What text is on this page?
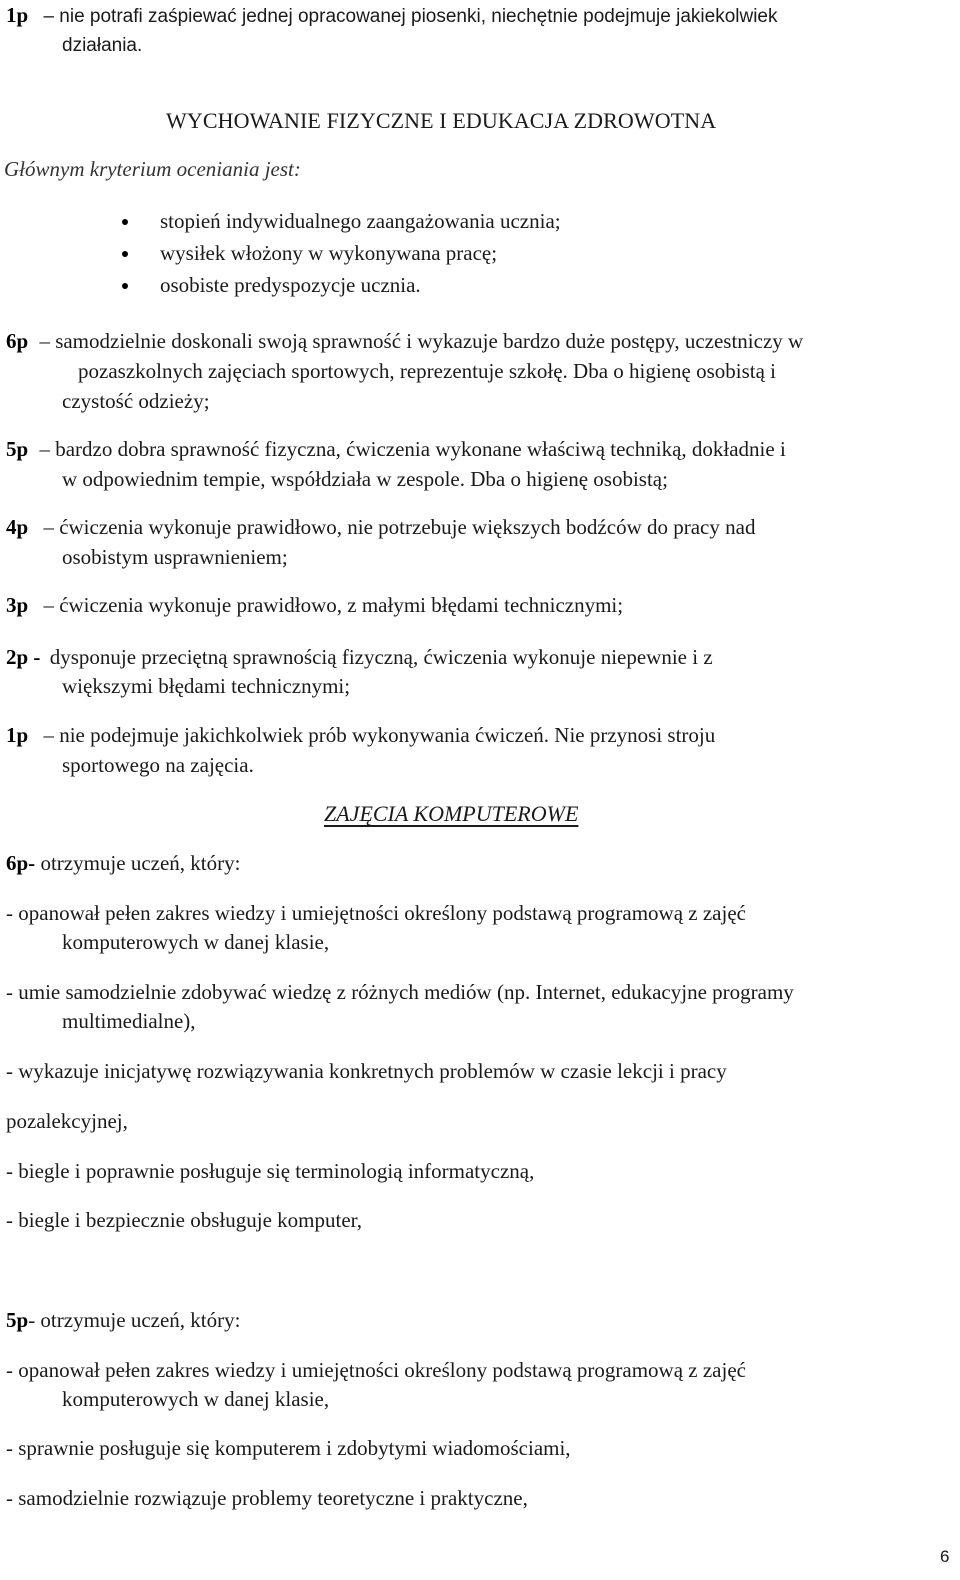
1p – nie potrafi zaśpiewać jednej opracowanej piosenki, niechętnie podejmuje jakiekolwiek
działania.
WYCHOWANIE FIZYCZNE I EDUKACJA ZDROWOTNA
Głównym kryterium oceniania jest:
stopień indywidualnego zaangażowania ucznia;
wysiłek włożony w wykonywana pracę;
osobiste predyspozycje ucznia.
6p – samodzielnie doskonali swoją sprawność i wykazuje bardzo duże postępy, uczestniczy w
pozaszkolnych zajęciach sportowych, reprezentuje szkołę. Dba o higienę osobistą i
czystość odzieży;
5p – bardzo dobra sprawność fizyczna, ćwiczenia wykonane właściwą techniką, dokładnie i
w odpowiednim tempie, współdziała w zespole. Dba o higienę osobistą;
4p – ćwiczenia wykonuje prawidłowo, nie potrzebuje większych bodźców do pracy nad
osobistym usprawnieniem;
3p – ćwiczenia wykonuje prawidłowo, z małymi błędami technicznymi;
2p - dysponuje przeciętną sprawnością fizyczną, ćwiczenia wykonuje niepewnie i z
większymi błędami technicznymi;
1p – nie podejmuje jakichkolwiek prób wykonywania ćwiczeń. Nie przynosi stroju
sportowego na zajęcia.
ZAJĘCIA KOMPUTEROWE
6p- otrzymuje uczeń, który:
- opanował pełen zakres wiedzy i umiejętności określony podstawą programową z zajęć
komputerowych w danej klasie,
- umie samodzielnie zdobywać wiedzę z różnych mediów (np. Internet, edukacyjne programy
multimedialne),
- wykazuje inicjatywę rozwiązywania konkretnych problemów w czasie lekcji i pracy
pozalekcyjnej,
- biegle i poprawnie posługuje się terminologią informatyczną,
- biegle i bezpiecznie obsługuje komputer,
5p- otrzymuje uczeń, który:
- opanował pełen zakres wiedzy i umiejętności określony podstawą programową z zajęć
komputerowych w danej klasie,
- sprawnie posługuje się komputerem i zdobytymi wiadomościami,
- samodzielnie rozwiązuje problemy teoretyczne i praktyczne,
6
